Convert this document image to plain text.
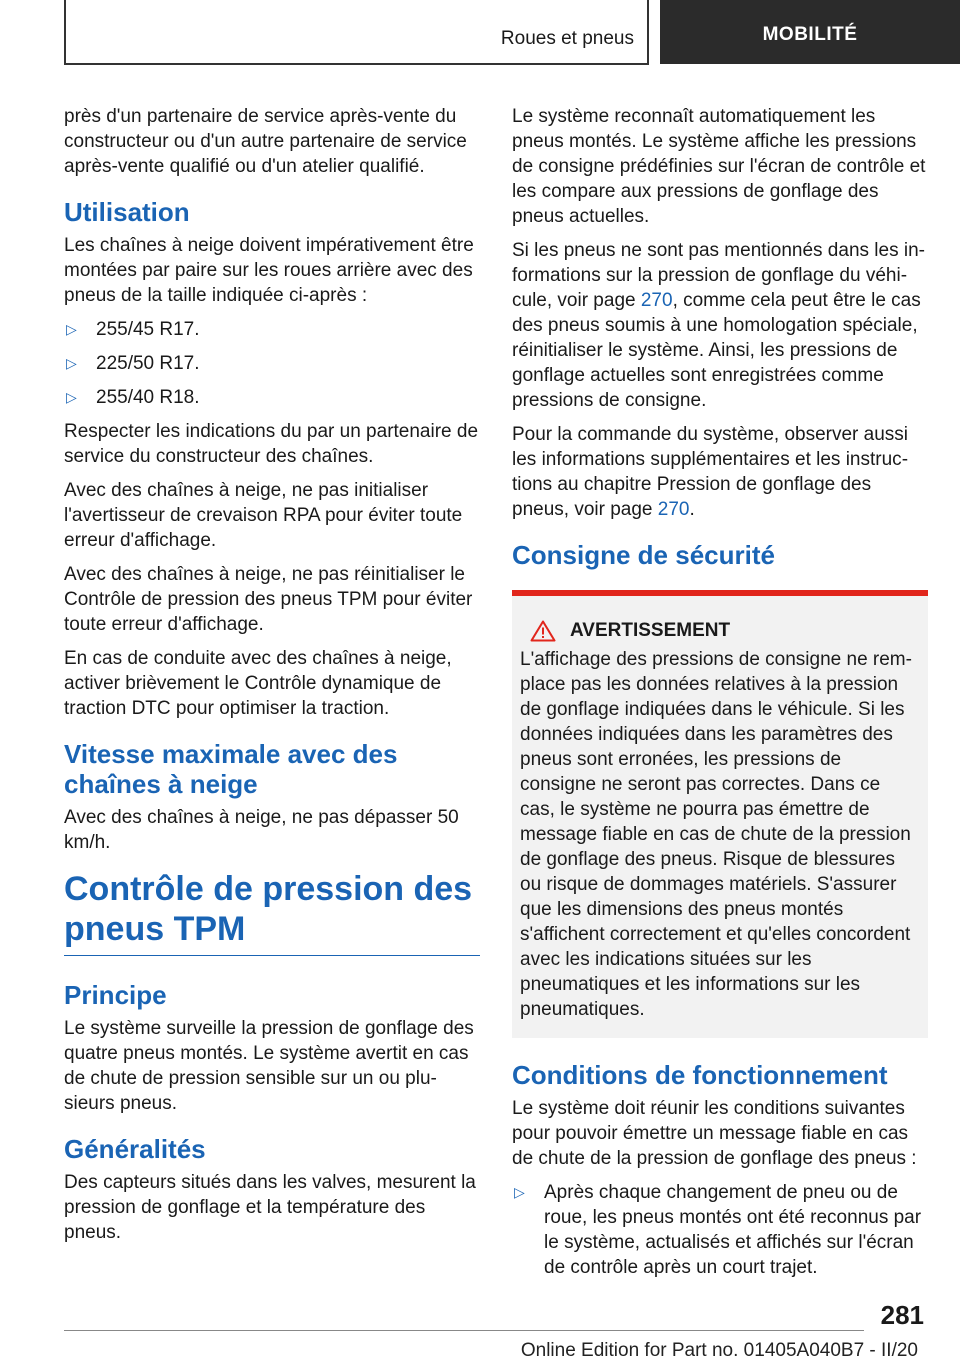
Roues et pneus	MOBILITÉ

près d'un partenaire de service après-vente du constructeur ou d'un autre partenaire de service après-vente qualifié ou d'un atelier qualifié.

Utilisation

Les chaînes à neige doivent impérativement être montées par paire sur les roues arrière avec des pneus de la taille indiquée ci-après :

▷	255/45 R17.
▷	225/50 R17.
▷	255/40 R18.

Respecter les indications du par un partenaire de service du constructeur des chaînes.

Avec des chaînes à neige, ne pas initialiser l'avertisseur de crevaison RPA pour éviter toute erreur d'affichage.

Avec des chaînes à neige, ne pas réinitialiser le Contrôle de pression des pneus TPM pour éviter toute erreur d'affichage.

En cas de conduite avec des chaînes à neige, activer brièvement le Contrôle dynamique de traction DTC pour optimiser la traction.

Vitesse maximale avec des chaînes à neige

Avec des chaînes à neige, ne pas dépasser 50 km/h.

Contrôle de pression des pneus TPM
Principe

Le système surveille la pression de gonflage des quatre pneus montés. Le système avertit en cas de chute de pression sensible sur un ou plusieurs pneus.

Généralités

Des capteurs situés dans les valves, mesurent la pression de gonflage et la température des pneus.

Le système reconnaît automatiquement les pneus montés. Le système affiche les pressions de consigne prédéfinies sur l'écran de contrôle et les compare aux pressions de gonflage des pneus actuelles.

Si les pneus ne sont pas mentionnés dans les informations sur la pression de gonflage du véhicule, voir page 270, comme cela peut être le cas des pneus soumis à une homologation spéciale, réinitialiser le système. Ainsi, les pressions de gonflage actuelles sont enregistrées comme pressions de consigne.

Pour la commande du système, observer aussi les informations supplémentaires et les instructions au chapitre Pression de gonflage des pneus, voir page 270.

Consigne de sécurité
AVERTISSEMENT

L'affichage des pressions de consigne ne remplace pas les données relatives à la pression de gonflage indiquées dans le véhicule. Si les données indiquées dans les paramètres des pneus sont erronées, les pressions de consigne ne seront pas correctes. Dans ce cas, le système ne pourra pas émettre de message fiable en cas de chute de la pression de gonflage des pneus. Risque de blessures ou risque de dommages matériels. S'assurer que les dimensions des pneus montés s'affichent correctement et qu'elles concordent avec les indications situées sur les pneumatiques et les informations sur les pneumatiques.

Conditions de fonctionnement

Le système doit réunir les conditions suivantes pour pouvoir émettre un message fiable en cas de chute de la pression de gonflage des pneus :

▷	Après chaque changement de pneu ou de roue, les pneus montés ont été reconnus par le système, actualisés et affichés sur l'écran de contrôle après un court trajet.
281
Online Edition for Part no. 01405A040B7 - II/20
